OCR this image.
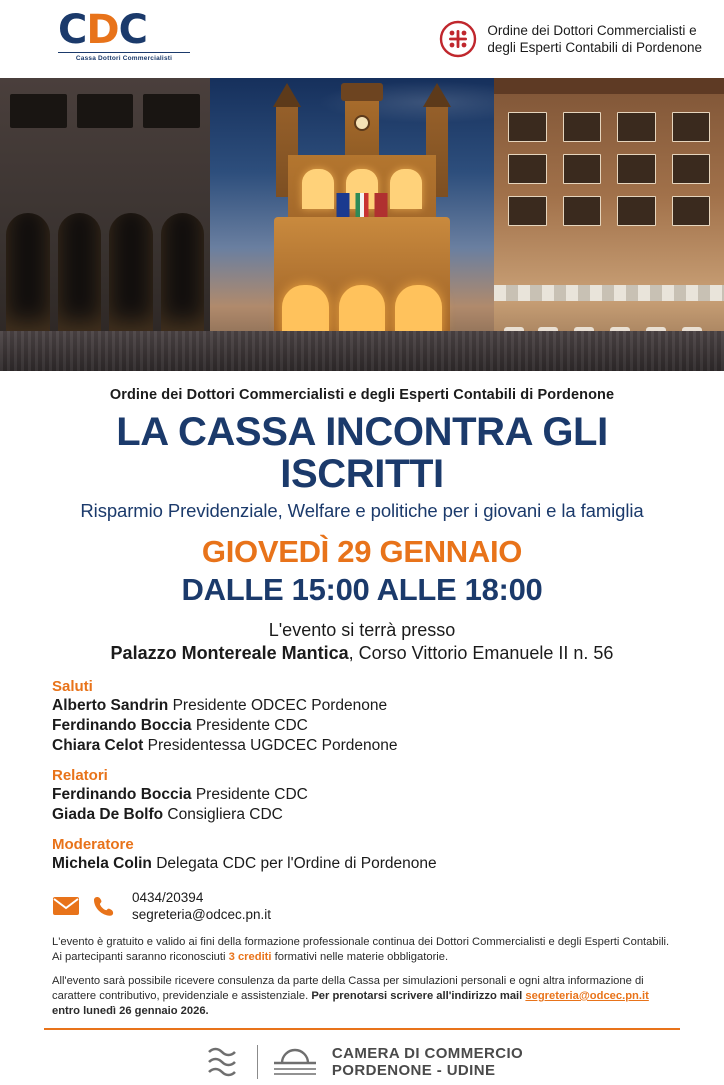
CDC
Cassa Dottori Commercialisti
Ordine dei Dottori Commercialisti e
degli Esperti Contabili di Pordenone
Ordine dei Dottori Commercialisti e degli Esperti Contabili di Pordenone
LA CASSA INCONTRA GLI ISCRITTI
Risparmio Previdenziale, Welfare e politiche per i giovani e la famiglia
GIOVEDÌ 29 GENNAIO
DALLE 15:00 ALLE 18:00
L'evento si terrà presso
Palazzo Montereale Mantica, Corso Vittorio Emanuele II n. 56
Saluti
Alberto Sandrin Presidente ODCEC Pordenone
Ferdinando Boccia Presidente CDC
Chiara Celot Presidentessa UGDCEC Pordenone
Relatori
Ferdinando Boccia Presidente CDC
Giada De Bolfo Consigliera CDC
Moderatore
Michela Colin Delegata CDC per l'Ordine di Pordenone
0434/20394
segreteria@odcec.pn.it

L'evento è gratuito e valido ai fini della formazione professionale continua dei Dottori Commercialisti e degli Esperti Contabili. Ai partecipanti saranno riconosciuti 3 crediti formativi nelle materie obbligatorie.

All'evento sarà possibile ricevere consulenza da parte della Cassa per simulazioni personali e ogni altra informazione di carattere contributivo, previdenziale e assistenziale. Per prenotarsi scrivere all'indirizzo mail segreteria@odcec.pn.it entro lunedì 26 gennaio 2026.

CAMERA DI COMMERCIO
PORDENONE - UDINE
